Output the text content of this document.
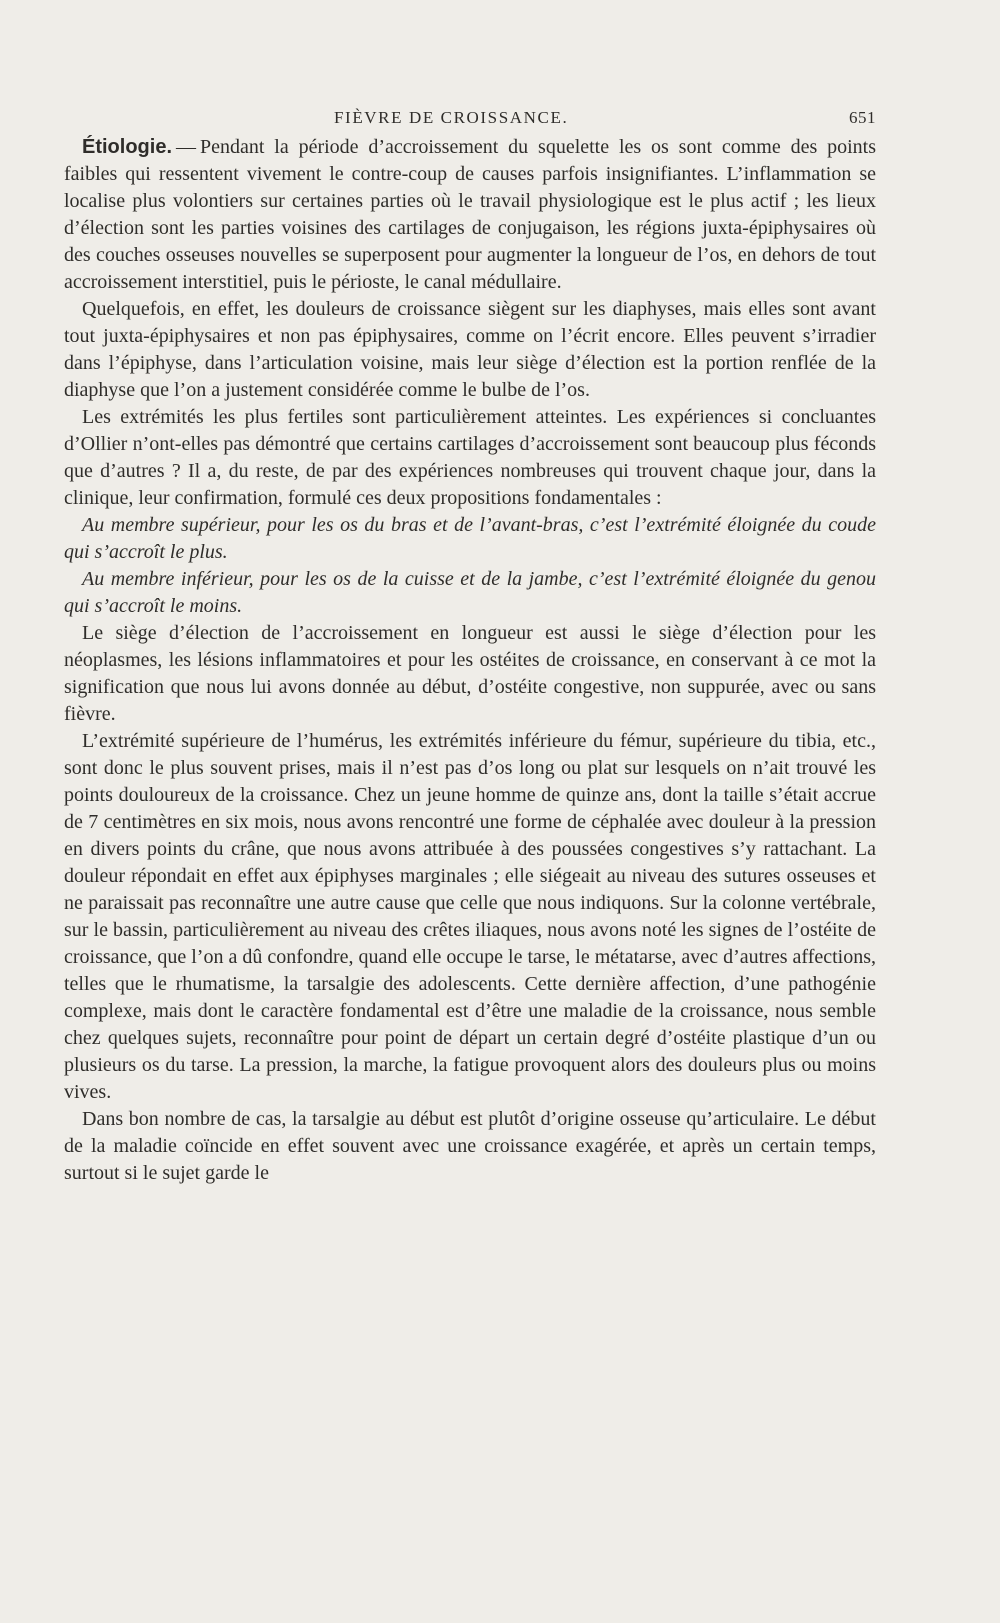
FIÈVRE DE CROISSANCE.	651

Étiologie. — Pendant la période d’accroissement du squelette les os sont comme des points faibles qui ressentent vivement le contre-coup de causes parfois insignifiantes. L’inflammation se localise plus volontiers sur certaines parties où le travail physiologique est le plus actif ; les lieux d’élection sont les parties voisines des cartilages de conjugaison, les régions juxta-épiphysaires où des couches osseuses nouvelles se superposent pour augmenter la longueur de l’os, en dehors de tout accroissement interstitiel, puis le périoste, le canal médullaire.

Quelquefois, en effet, les douleurs de croissance siègent sur les diaphyses, mais elles sont avant tout juxta-épiphysaires et non pas épiphysaires, comme on l’écrit encore. Elles peuvent s’irradier dans l’épiphyse, dans l’articulation voisine, mais leur siège d’élection est la portion renflée de la diaphyse que l’on a justement considérée comme le bulbe de l’os.

Les extrémités les plus fertiles sont particulièrement atteintes. Les expériences si concluantes d’Ollier n’ont-elles pas démontré que certains cartilages d’accroissement sont beaucoup plus féconds que d’autres ? Il a, du reste, de par des expériences nombreuses qui trouvent chaque jour, dans la clinique, leur confirmation, formulé ces deux propositions fondamentales :

Au membre supérieur, pour les os du bras et de l’avant-bras, c’est l’extrémité éloignée du coude qui s’accroît le plus.

Au membre inférieur, pour les os de la cuisse et de la jambe, c’est l’extrémité éloignée du genou qui s’accroît le moins.

Le siège d’élection de l’accroissement en longueur est aussi le siège d’élection pour les néoplasmes, les lésions inflammatoires et pour les ostéites de croissance, en conservant à ce mot la signification que nous lui avons donnée au début, d’ostéite congestive, non suppurée, avec ou sans fièvre.

L’extrémité supérieure de l’humérus, les extrémités inférieure du fémur, supérieure du tibia, etc., sont donc le plus souvent prises, mais il n’est pas d’os long ou plat sur lesquels on n’ait trouvé les points douloureux de la croissance. Chez un jeune homme de quinze ans, dont la taille s’était accrue de 7 centimètres en six mois, nous avons rencontré une forme de céphalée avec douleur à la pression en divers points du crâne, que nous avons attribuée à des poussées congestives s’y rattachant. La douleur répondait en effet aux épiphyses marginales ; elle siégeait au niveau des sutures osseuses et ne paraissait pas reconnaître une autre cause que celle que nous indiquons. Sur la colonne vertébrale, sur le bassin, particulièrement au niveau des crêtes iliaques, nous avons noté les signes de l’ostéite de croissance, que l’on a dû confondre, quand elle occupe le tarse, le métatarse, avec d’autres affections, telles que le rhumatisme, la tarsalgie des adolescents. Cette dernière affection, d’une pathogénie complexe, mais dont le caractère fondamental est d’être une maladie de la croissance, nous semble chez quelques sujets, reconnaître pour point de départ un certain degré d’ostéite plastique d’un ou plusieurs os du tarse. La pression, la marche, la fatigue provoquent alors des douleurs plus ou moins vives.

Dans bon nombre de cas, la tarsalgie au début est plutôt d’origine osseuse qu’articulaire. Le début de la maladie coïncide en effet souvent avec une croissance exagérée, et après un certain temps, surtout si le sujet garde le
